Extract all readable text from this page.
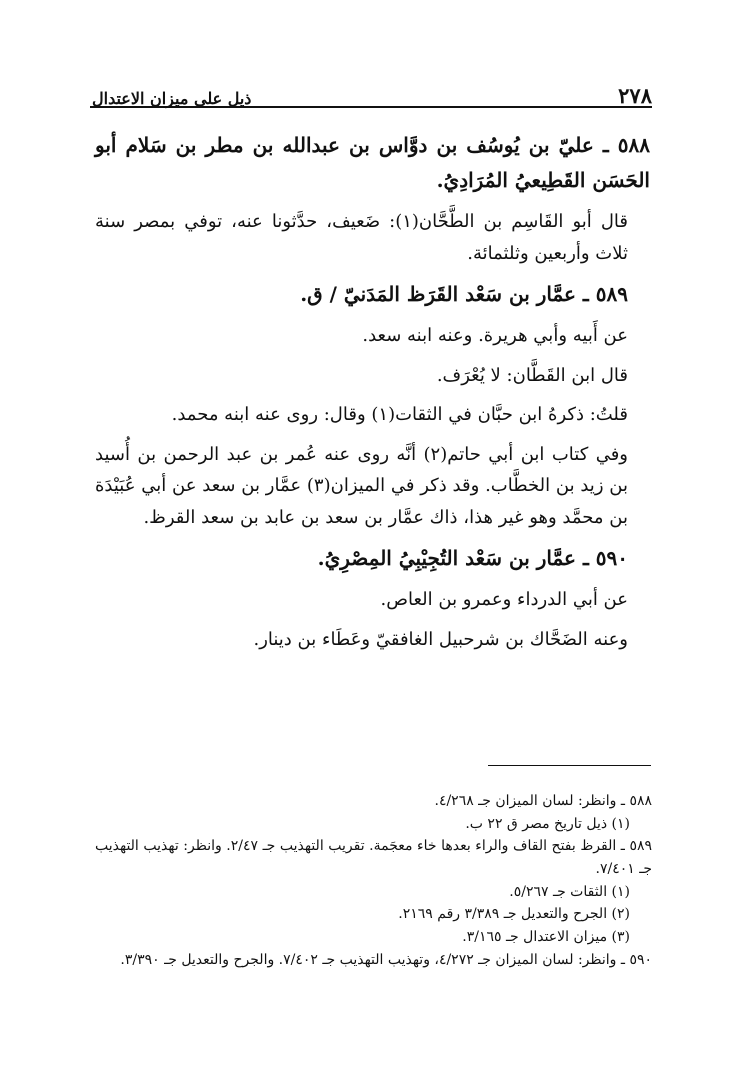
٢٧٨
ذيل على ميزان الاعتدال

٥٨٨ ـ عليّ بن يُوسُف بن دوَّاس بن عبدالله بن مطر بن سَلام أبو الحَسَن القَطِيعيُ المُرَادِيُ.

قال أبو القَاسِم بن الطَّحَّان(١): ضَعيف، حدَّثونا عنه، توفي بمصر سنة ثلاث وأربعين وثلثمائة.

٥٨٩ ـ عمَّار بن سَعْد القَرَظ المَدَنيّ / ق.

عن أَبيه وأبي هريرة. وعنه ابنه سعد.

قال ابن القَطَّان: لا يُعْرَف.

قلتُ: ذكرهُ ابن حبَّان في الثقات(١) وقال: روى عنه ابنه محمد.

وفي كتاب ابن أبي حاتم(٢) أنَّه روى عنه عُمر بن عبد الرحمن بن أُسيد بن زيد بن الخطَّاب. وقد ذكر في الميزان(٣) عمَّار بن سعد عن أبي عُبَيْدَة بن محمَّد وهو غير هذا، ذاك عمَّار بن سعد بن عابد بن سعد القرظ.

٥٩٠ ـ عمَّار بن سَعْد التُجِيْبِيُ المِصْرِيُ.

عن أبي الدرداء وعمرو بن العاص.

وعنه الضَحَّاك بن شرحبيل الغافقيّ وعَطَاء بن دينار.

٥٨٨ ـ وانظر: لسان الميزان جـ ٤/٢٦٨.

(١) ذيل تاريخ مصر ق ٢٢ ب.

٥٨٩ ـ القرظ بفتح القاف والراء بعدها خاء معجَمة. تقريب التهذيب جـ ٢/٤٧. وانظر: تهذيب التهذيب جـ ٧/٤٠١.

(١) الثقات جـ ٥/٢٦٧.

(٢) الجرح والتعديل جـ ٣/٣٨٩ رقم ٢١٦٩.

(٣) ميزان الاعتدال جـ ٣/١٦٥.

٥٩٠ ـ وانظر: لسان الميزان جـ ٤/٢٧٢، وتهذيب التهذيب جـ ٧/٤٠٢. والجرح والتعديل جـ ٣/٣٩٠.
